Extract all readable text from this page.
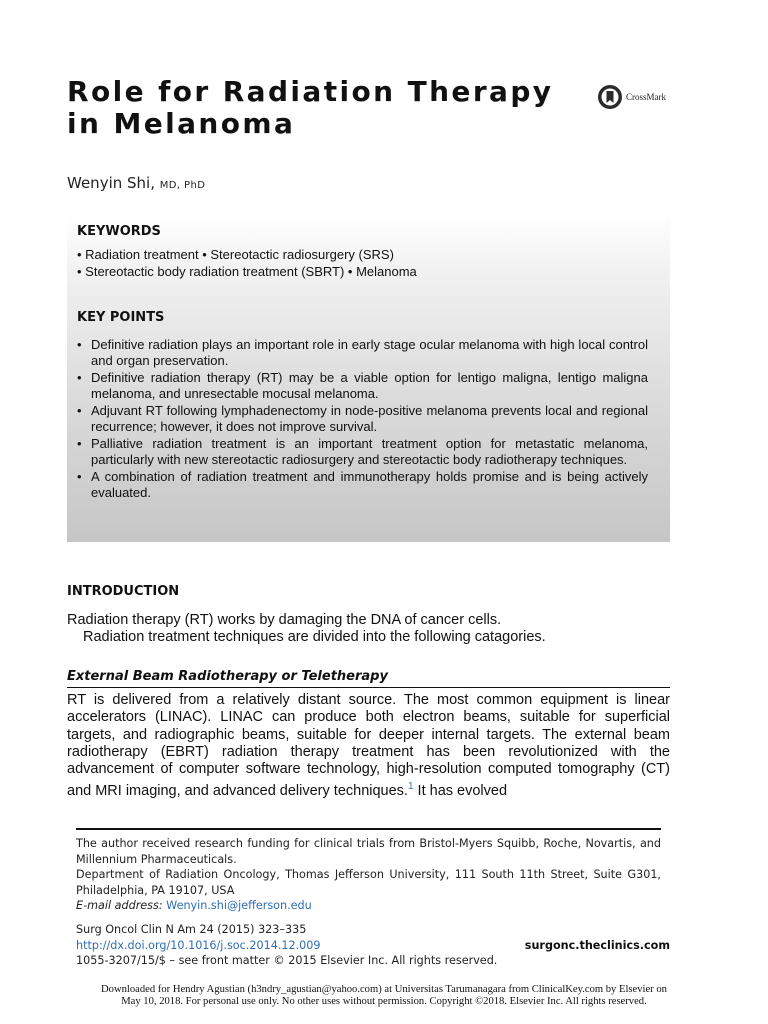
Role for Radiation Therapy
in Melanoma
CrossMark
Wenyin Shi, MD, PhD
KEYWORDS
• Radiation treatment • Stereotactic radiosurgery (SRS)
• Stereotactic body radiation treatment (SBRT) • Melanoma
KEY POINTS
• Definitive radiation plays an important role in early stage ocular melanoma with high local control and organ preservation.
• Definitive radiation therapy (RT) may be a viable option for lentigo maligna, lentigo maligna melanoma, and unresectable mocusal melanoma.
• Adjuvant RT following lymphadenectomy in node-positive melanoma prevents local and regional recurrence; however, it does not improve survival.
• Palliative radiation treatment is an important treatment option for metastatic melanoma, particularly with new stereotactic radiosurgery and stereotactic body radiotherapy techniques.
• A combination of radiation treatment and immunotherapy holds promise and is being actively evaluated.
INTRODUCTION
Radiation therapy (RT) works by damaging the DNA of cancer cells.
Radiation treatment techniques are divided into the following catagories.
External Beam Radiotherapy or Teletherapy

RT is delivered from a relatively distant source. The most common equipment is linear accelerators (LINAC). LINAC can produce both electron beams, suitable for superficial targets, and radiographic beams, suitable for deeper internal targets. The external beam radiotherapy (EBRT) radiation therapy treatment has been revolutionized with the advancement of computer software technology, high-resolution computed tomography (CT) and MRI imaging, and advanced delivery techniques.$^1$ It has evolved

The author received research funding for clinical trials from Bristol-Myers Squibb, Roche, Novartis, and Millennium Pharmaceuticals.
Department of Radiation Oncology, Thomas Jefferson University, 111 South 11th Street, Suite G301, Philadelphia, PA 19107, USA
E-mail address: Wenyin.shi@jefferson.edu

Surg Oncol Clin N Am 24 (2015) 323–335
http://dx.doi.org/10.1016/j.soc.2014.12.009	surgonc.theclinics.com
1055-3207/15/$ – see front matter © 2015 Elsevier Inc. All rights reserved.
Downloaded for Hendry Agustian (h3ndry_agustian@yahoo.com) at Universitas Tarumanagara from ClinicalKey.com by Elsevier on
May 10, 2018. For personal use only. No other uses without permission. Copyright ©2018. Elsevier Inc. All rights reserved.
